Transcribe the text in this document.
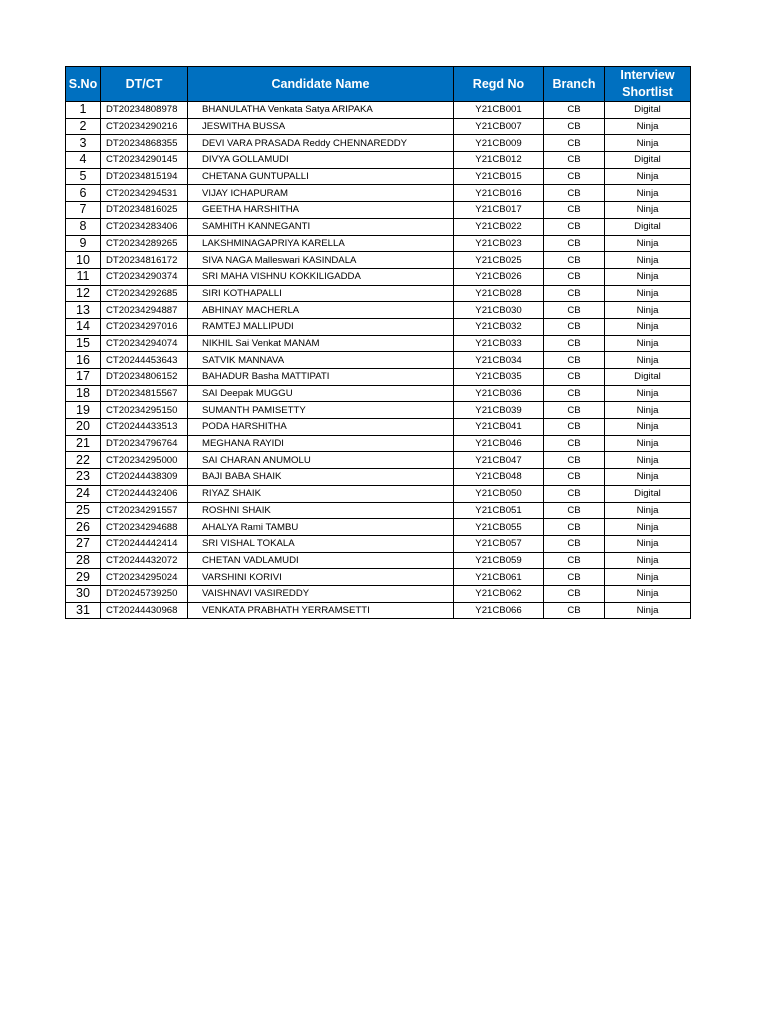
S.No	DT/CT	Candidate Name	Regd No	Branch	Interview
Shortlist
1	DT20234808978	BHANULATHA Venkata Satya ARIPAKA	Y21CB001	CB	Digital
2	CT20234290216	JESWITHA BUSSA	Y21CB007	CB	Ninja
3	DT20234868355	DEVI VARA PRASADA Reddy CHENNAREDDY	Y21CB009	CB	Ninja
4	CT20234290145	DIVYA GOLLAMUDI	Y21CB012	CB	Digital
5	DT20234815194	CHETANA GUNTUPALLI	Y21CB015	CB	Ninja
6	CT20234294531	VIJAY ICHAPURAM	Y21CB016	CB	Ninja
7	DT20234816025	GEETHA HARSHITHA	Y21CB017	CB	Ninja
8	CT20234283406	SAMHITH KANNEGANTI	Y21CB022	CB	Digital
9	CT20234289265	LAKSHMINAGAPRIYA KARELLA	Y21CB023	CB	Ninja
10	DT20234816172	SIVA NAGA Malleswari KASINDALA	Y21CB025	CB	Ninja
11	CT20234290374	SRI MAHA VISHNU KOKKILIGADDA	Y21CB026	CB	Ninja
12	CT20234292685	SIRI KOTHAPALLI	Y21CB028	CB	Ninja
13	CT20234294887	ABHINAY MACHERLA	Y21CB030	CB	Ninja
14	CT20234297016	RAMTEJ MALLIPUDI	Y21CB032	CB	Ninja
15	CT20234294074	NIKHIL Sai Venkat MANAM	Y21CB033	CB	Ninja
16	CT20244453643	SATVIK MANNAVA	Y21CB034	CB	Ninja
17	DT20234806152	BAHADUR Basha MATTIPATI	Y21CB035	CB	Digital
18	DT20234815567	SAI Deepak MUGGU	Y21CB036	CB	Ninja
19	CT20234295150	SUMANTH PAMISETTY	Y21CB039	CB	Ninja
20	CT20244433513	PODA HARSHITHA	Y21CB041	CB	Ninja
21	DT20234796764	MEGHANA RAYIDI	Y21CB046	CB	Ninja
22	CT20234295000	SAI CHARAN ANUMOLU	Y21CB047	CB	Ninja
23	CT20244438309	BAJI BABA SHAIK	Y21CB048	CB	Ninja
24	CT20244432406	RIYAZ SHAIK	Y21CB050	CB	Digital
25	CT20234291557	ROSHNI SHAIK	Y21CB051	CB	Ninja
26	CT20234294688	AHALYA Rami TAMBU	Y21CB055	CB	Ninja
27	CT20244442414	SRI VISHAL TOKALA	Y21CB057	CB	Ninja
28	CT20244432072	CHETAN VADLAMUDI	Y21CB059	CB	Ninja
29	CT20234295024	VARSHINI KORIVI	Y21CB061	CB	Ninja
30	DT20245739250	VAISHNAVI VASIREDDY	Y21CB062	CB	Ninja
31	CT20244430968	VENKATA PRABHATH YERRAMSETTI	Y21CB066	CB	Ninja
